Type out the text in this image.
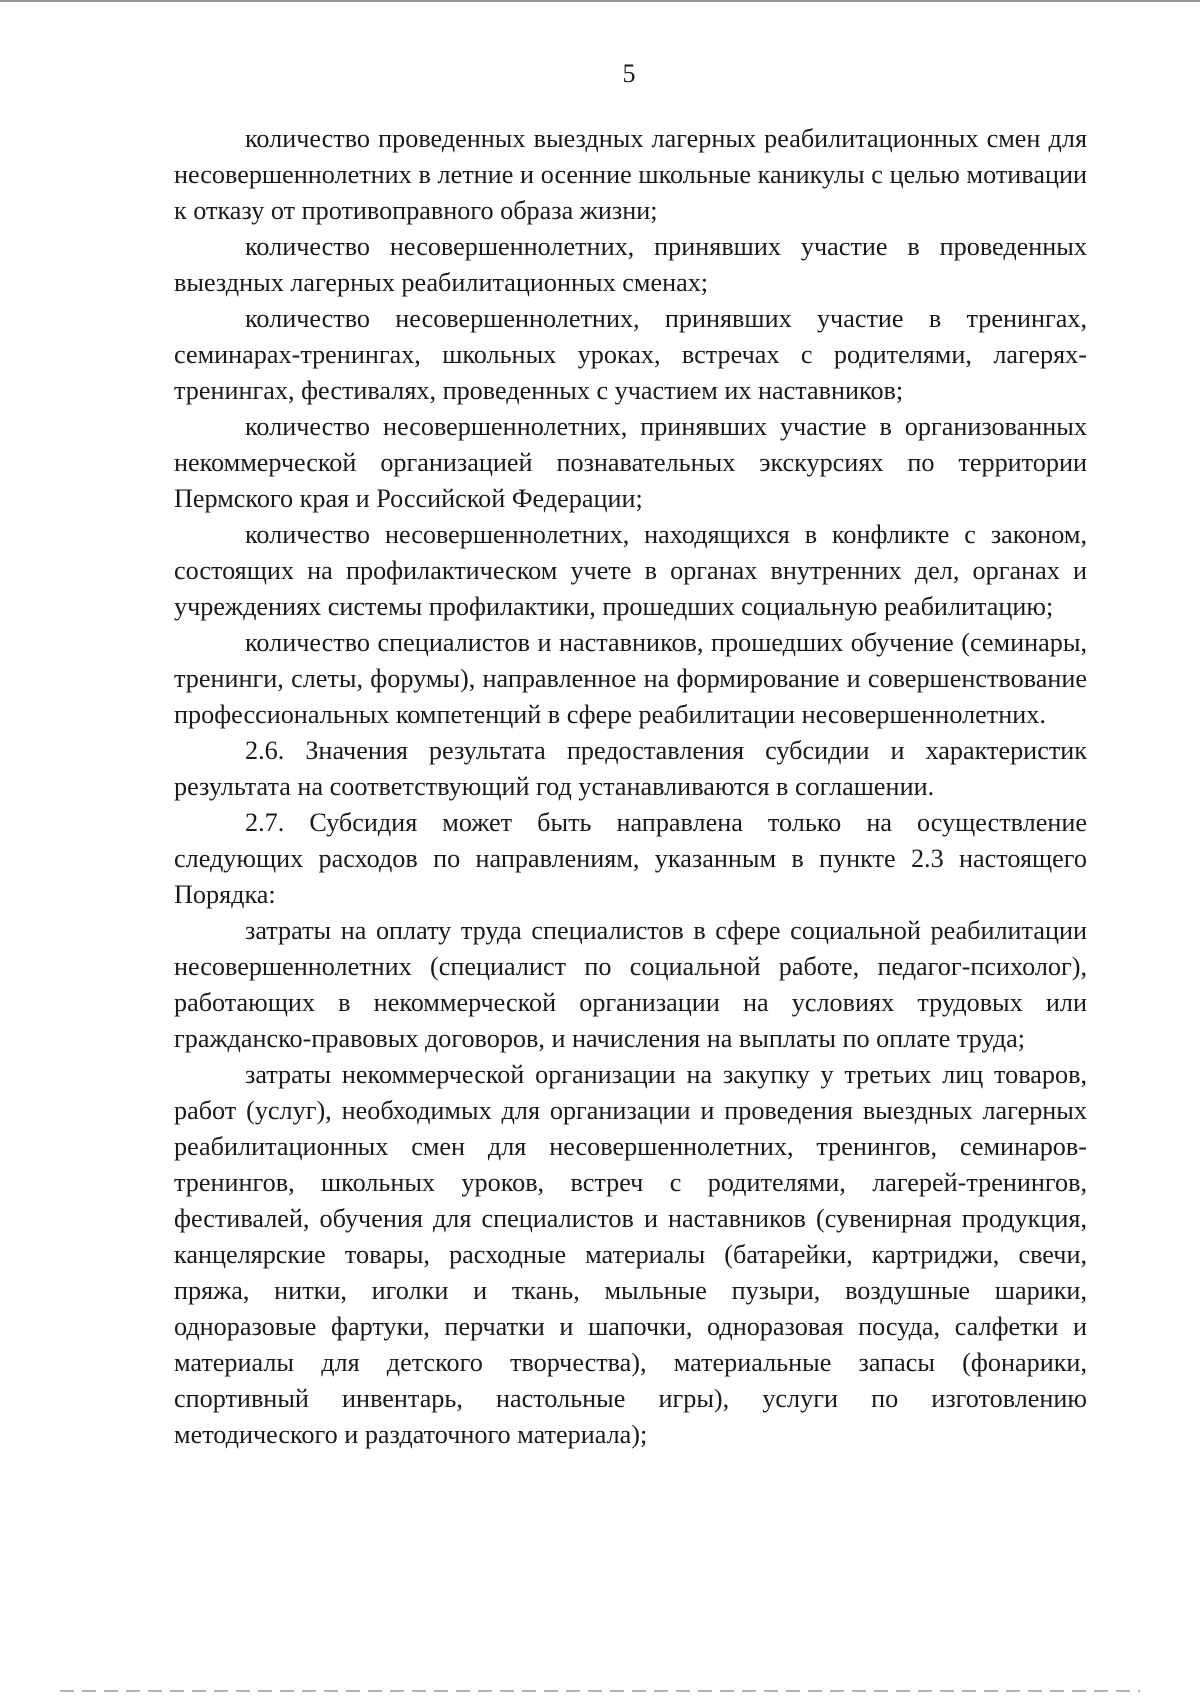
5

количество проведенных выездных лагерных реабилитационных смен для несовершеннолетних в летние и осенние школьные каникулы с целью мотивации к отказу от противоправного образа жизни;

количество несовершеннолетних, принявших участие в проведенных выездных лагерных реабилитационных сменах;

количество несовершеннолетних, принявших участие в тренингах, семинарах-тренингах, школьных уроках, встречах с родителями, лагерях-тренингах, фестивалях, проведенных с участием их наставников;

количество несовершеннолетних, принявших участие в организованных некоммерческой организацией познавательных экскурсиях по территории Пермского края и Российской Федерации;

количество несовершеннолетних, находящихся в конфликте с законом, состоящих на профилактическом учете в органах внутренних дел, органах и учреждениях системы профилактики, прошедших социальную реабилитацию;

количество специалистов и наставников, прошедших обучение (семинары, тренинги, слеты, форумы), направленное на формирование и совершенствование профессиональных компетенций в сфере реабилитации несовершеннолетних.

2.6. Значения результата предоставления субсидии и характеристик результата на соответствующий год устанавливаются в соглашении.

2.7. Субсидия может быть направлена только на осуществление следующих расходов по направлениям, указанным в пункте 2.3 настоящего Порядка:

затраты на оплату труда специалистов в сфере социальной реабилитации несовершеннолетних (специалист по социальной работе, педагог-психолог), работающих в некоммерческой организации на условиях трудовых или гражданско-правовых договоров, и начисления на выплаты по оплате труда;

затраты некоммерческой организации на закупку у третьих лиц товаров, работ (услуг), необходимых для организации и проведения выездных лагерных реабилитационных смен для несовершеннолетних, тренингов, семинаров-тренингов, школьных уроков, встреч с родителями, лагерей-тренингов, фестивалей, обучения для специалистов и наставников (сувенирная продукция, канцелярские товары, расходные материалы (батарейки, картриджи, свечи, пряжа, нитки, иголки и ткань, мыльные пузыри, воздушные шарики, одноразовые фартуки, перчатки и шапочки, одноразовая посуда, салфетки и материалы для детского творчества), материальные запасы (фонарики, спортивный инвентарь, настольные игры), услуги по изготовлению методического и раздаточного материала);
